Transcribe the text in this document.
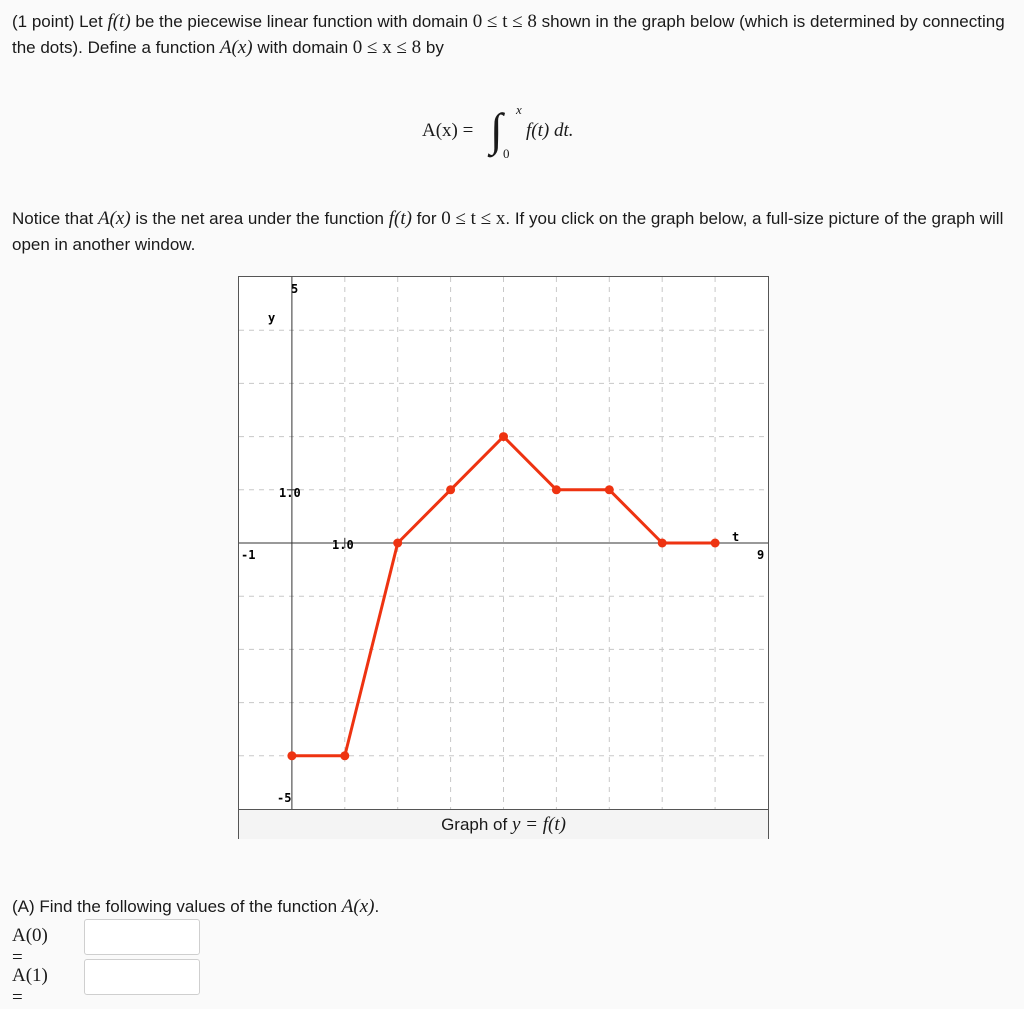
(1 point) Let f(t) be the piecewise linear function with domain 0 ≤ t ≤ 8 shown in the graph below (which is determined by connecting the dots). Define a function A(x) with domain 0 ≤ x ≤ 8 by
A(x) = ∫ x
0
f(t) dt.
Notice that A(x) is the net area under the function f(t) for 0 ≤ t ≤ x. If you click on the graph below, a full-size picture of the graph will open in another window.
5
y
1.0
-1
1.0
t
9
-5
Graph of y = f(t)
(A) Find the following values of the function A(x).
A(0) =
A(1) =
